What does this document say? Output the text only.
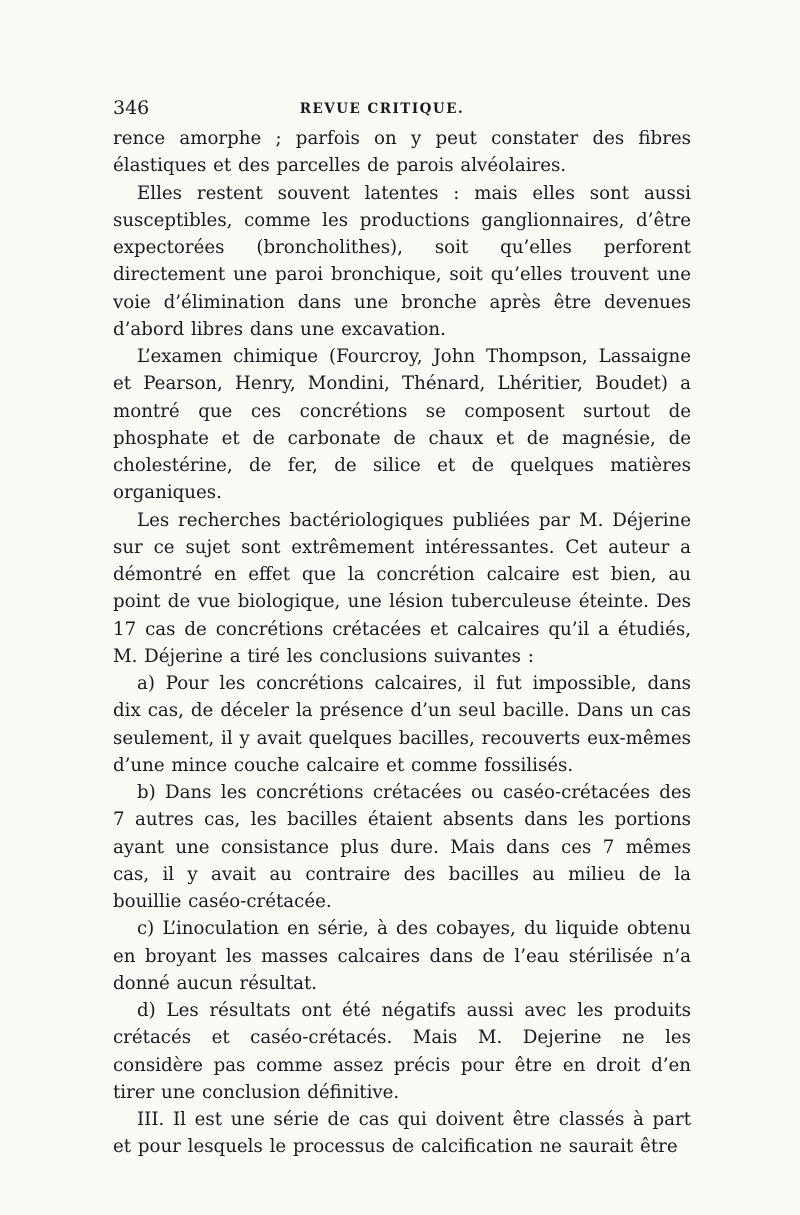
346	REVUE CRITIQUE.

rence amorphe ; parfois on y peut constater des fibres élastiques et des parcelles de parois alvéolaires.

Elles restent souvent latentes : mais elles sont aussi susceptibles, comme les productions ganglionnaires, d’être expectorées (broncholithes), soit qu’elles perforent directement une paroi bronchique, soit qu’elles trouvent une voie d’élimination dans une bronche après être devenues d’abord libres dans une excavation.

L’examen chimique (Fourcroy, John Thompson, Lassaigne et Pearson, Henry, Mondini, Thénard, Lhéritier, Boudet) a montré que ces concrétions se composent surtout de phosphate et de carbonate de chaux et de magnésie, de cholestérine, de fer, de silice et de quelques matières organiques.

Les recherches bactériologiques publiées par M. Déjerine sur ce sujet sont extrêmement intéressantes. Cet auteur a démontré en effet que la concrétion calcaire est bien, au point de vue biologique, une lésion tuberculeuse éteinte. Des 17 cas de concrétions crétacées et calcaires qu’il a étudiés, M. Déjerine a tiré les conclusions suivantes :

a) Pour les concrétions calcaires, il fut impossible, dans dix cas, de déceler la présence d’un seul bacille. Dans un cas seulement, il y avait quelques bacilles, recouverts eux-mêmes d’une mince couche calcaire et comme fossilisés.

b) Dans les concrétions crétacées ou caséo-crétacées des 7 autres cas, les bacilles étaient absents dans les portions ayant une consistance plus dure. Mais dans ces 7 mêmes cas, il y avait au contraire des bacilles au milieu de la bouillie caséo-crétacée.

c) L’inoculation en série, à des cobayes, du liquide obtenu en broyant les masses calcaires dans de l’eau stérilisée n’a donné aucun résultat.

d) Les résultats ont été négatifs aussi avec les produits crétacés et caséo-crétacés. Mais M. Dejerine ne les considère pas comme assez précis pour être en droit d’en tirer une conclusion définitive.

III. Il est une série de cas qui doivent être classés à part et pour lesquels le processus de calcification ne saurait être
